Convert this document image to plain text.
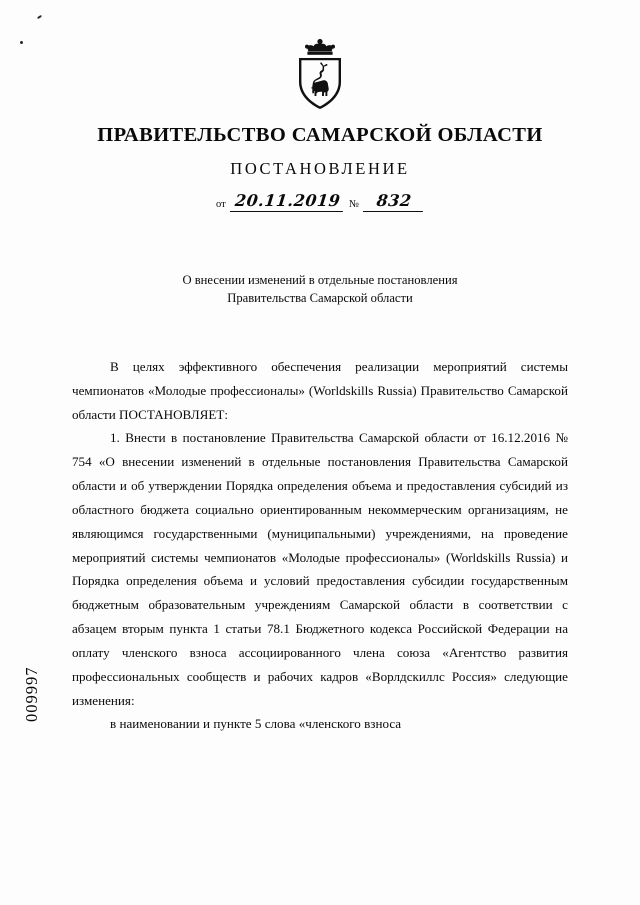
ПРАВИТЕЛЬСТВО САМАРСКОЙ ОБЛАСТИ
ПОСТАНОВЛЕНИЕ
от 20.11.2019 №	832
О внесении изменений в отдельные постановления
Правительства Самарской области

В целях эффективного обеспечения реализации мероприятий системы чемпионатов «Молодые профессионалы» (Worldskills Russia) Правительство Самарской области ПОСТАНОВЛЯЕТ:

1. Внести в постановление Правительства Самарской области от 16.12.2016 № 754 «О внесении изменений в отдельные постановления Правительства Самарской области и об утверждении Порядка определения объема и предоставления субсидий из областного бюджета социально ориентированным некоммерческим организациям, не являющимся государственными (муниципальными) учреждениями, на проведение мероприятий системы чемпионатов «Молодые профессионалы» (Worldskills Russia) и Порядка определения объема и условий предоставления субсидии государственным бюджетным образовательным учреждениям Самарской области в соответствии с абзацем вторым пункта 1 статьи 78.1 Бюджетного кодекса Российской Федерации на оплату членского взноса ассоциированного члена союза «Агентство развития профессиональных сообществ и рабочих кадров «Ворлдскиллс Россия» следующие изменения:

в наименовании и пункте 5 слова «членского взноса

009997
